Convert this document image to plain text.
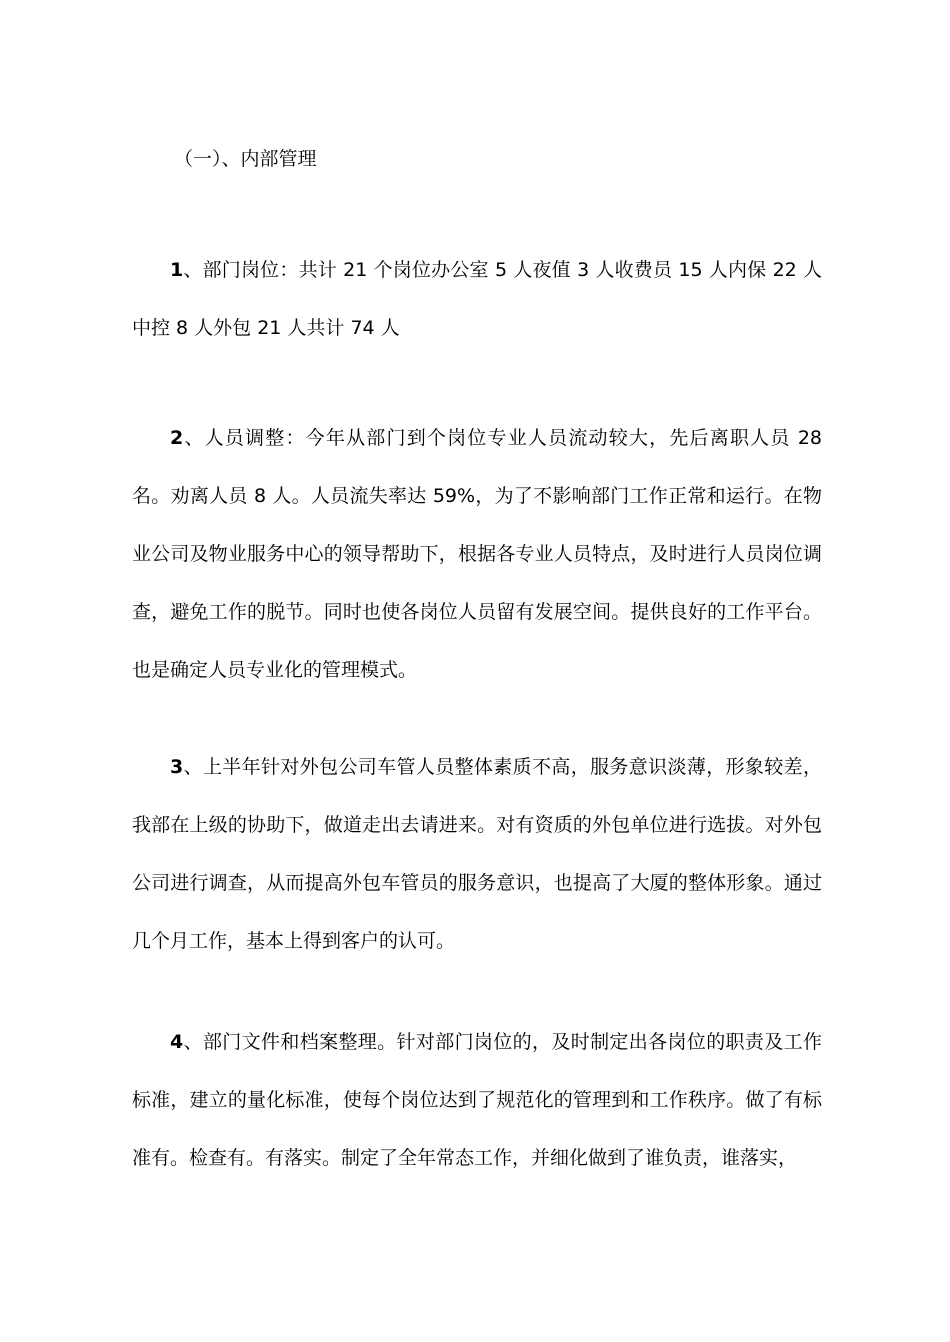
（一）、内部管理

1、部门岗位：共计 21 个岗位办公室 5 人夜值 3 人收费员 15 人内保 22 人中控 8 人外包 21 人共计 74 人

2、人员调整：今年从部门到个岗位专业人员流动较大，先后离职人员 28 名。劝离人员 8 人。人员流失率达 59%，为了不影响部门工作正常和运行。在物业公司及物业服务中心的领导帮助下，根据各专业人员特点，及时进行人员岗位调查，避免工作的脱节。同时也使各岗位人员留有发展空间。提供良好的工作平台。也是确定人员专业化的管理模式。

3、上半年针对外包公司车管人员整体素质不高，服务意识淡薄，形象较差，我部在上级的协助下，做道走出去请进来。对有资质的外包单位进行选拔。对外包公司进行调查，从而提高外包车管员的服务意识，也提高了大厦的整体形象。通过几个月工作，基本上得到客户的认可。

4、部门文件和档案整理。针对部门岗位的，及时制定出各岗位的职责及工作标准，建立的量化标准，使每个岗位达到了规范化的管理到和工作秩序。做了有标准有。检查有。有落实。制定了全年常态工作，并细化做到了谁负责，谁落实，
